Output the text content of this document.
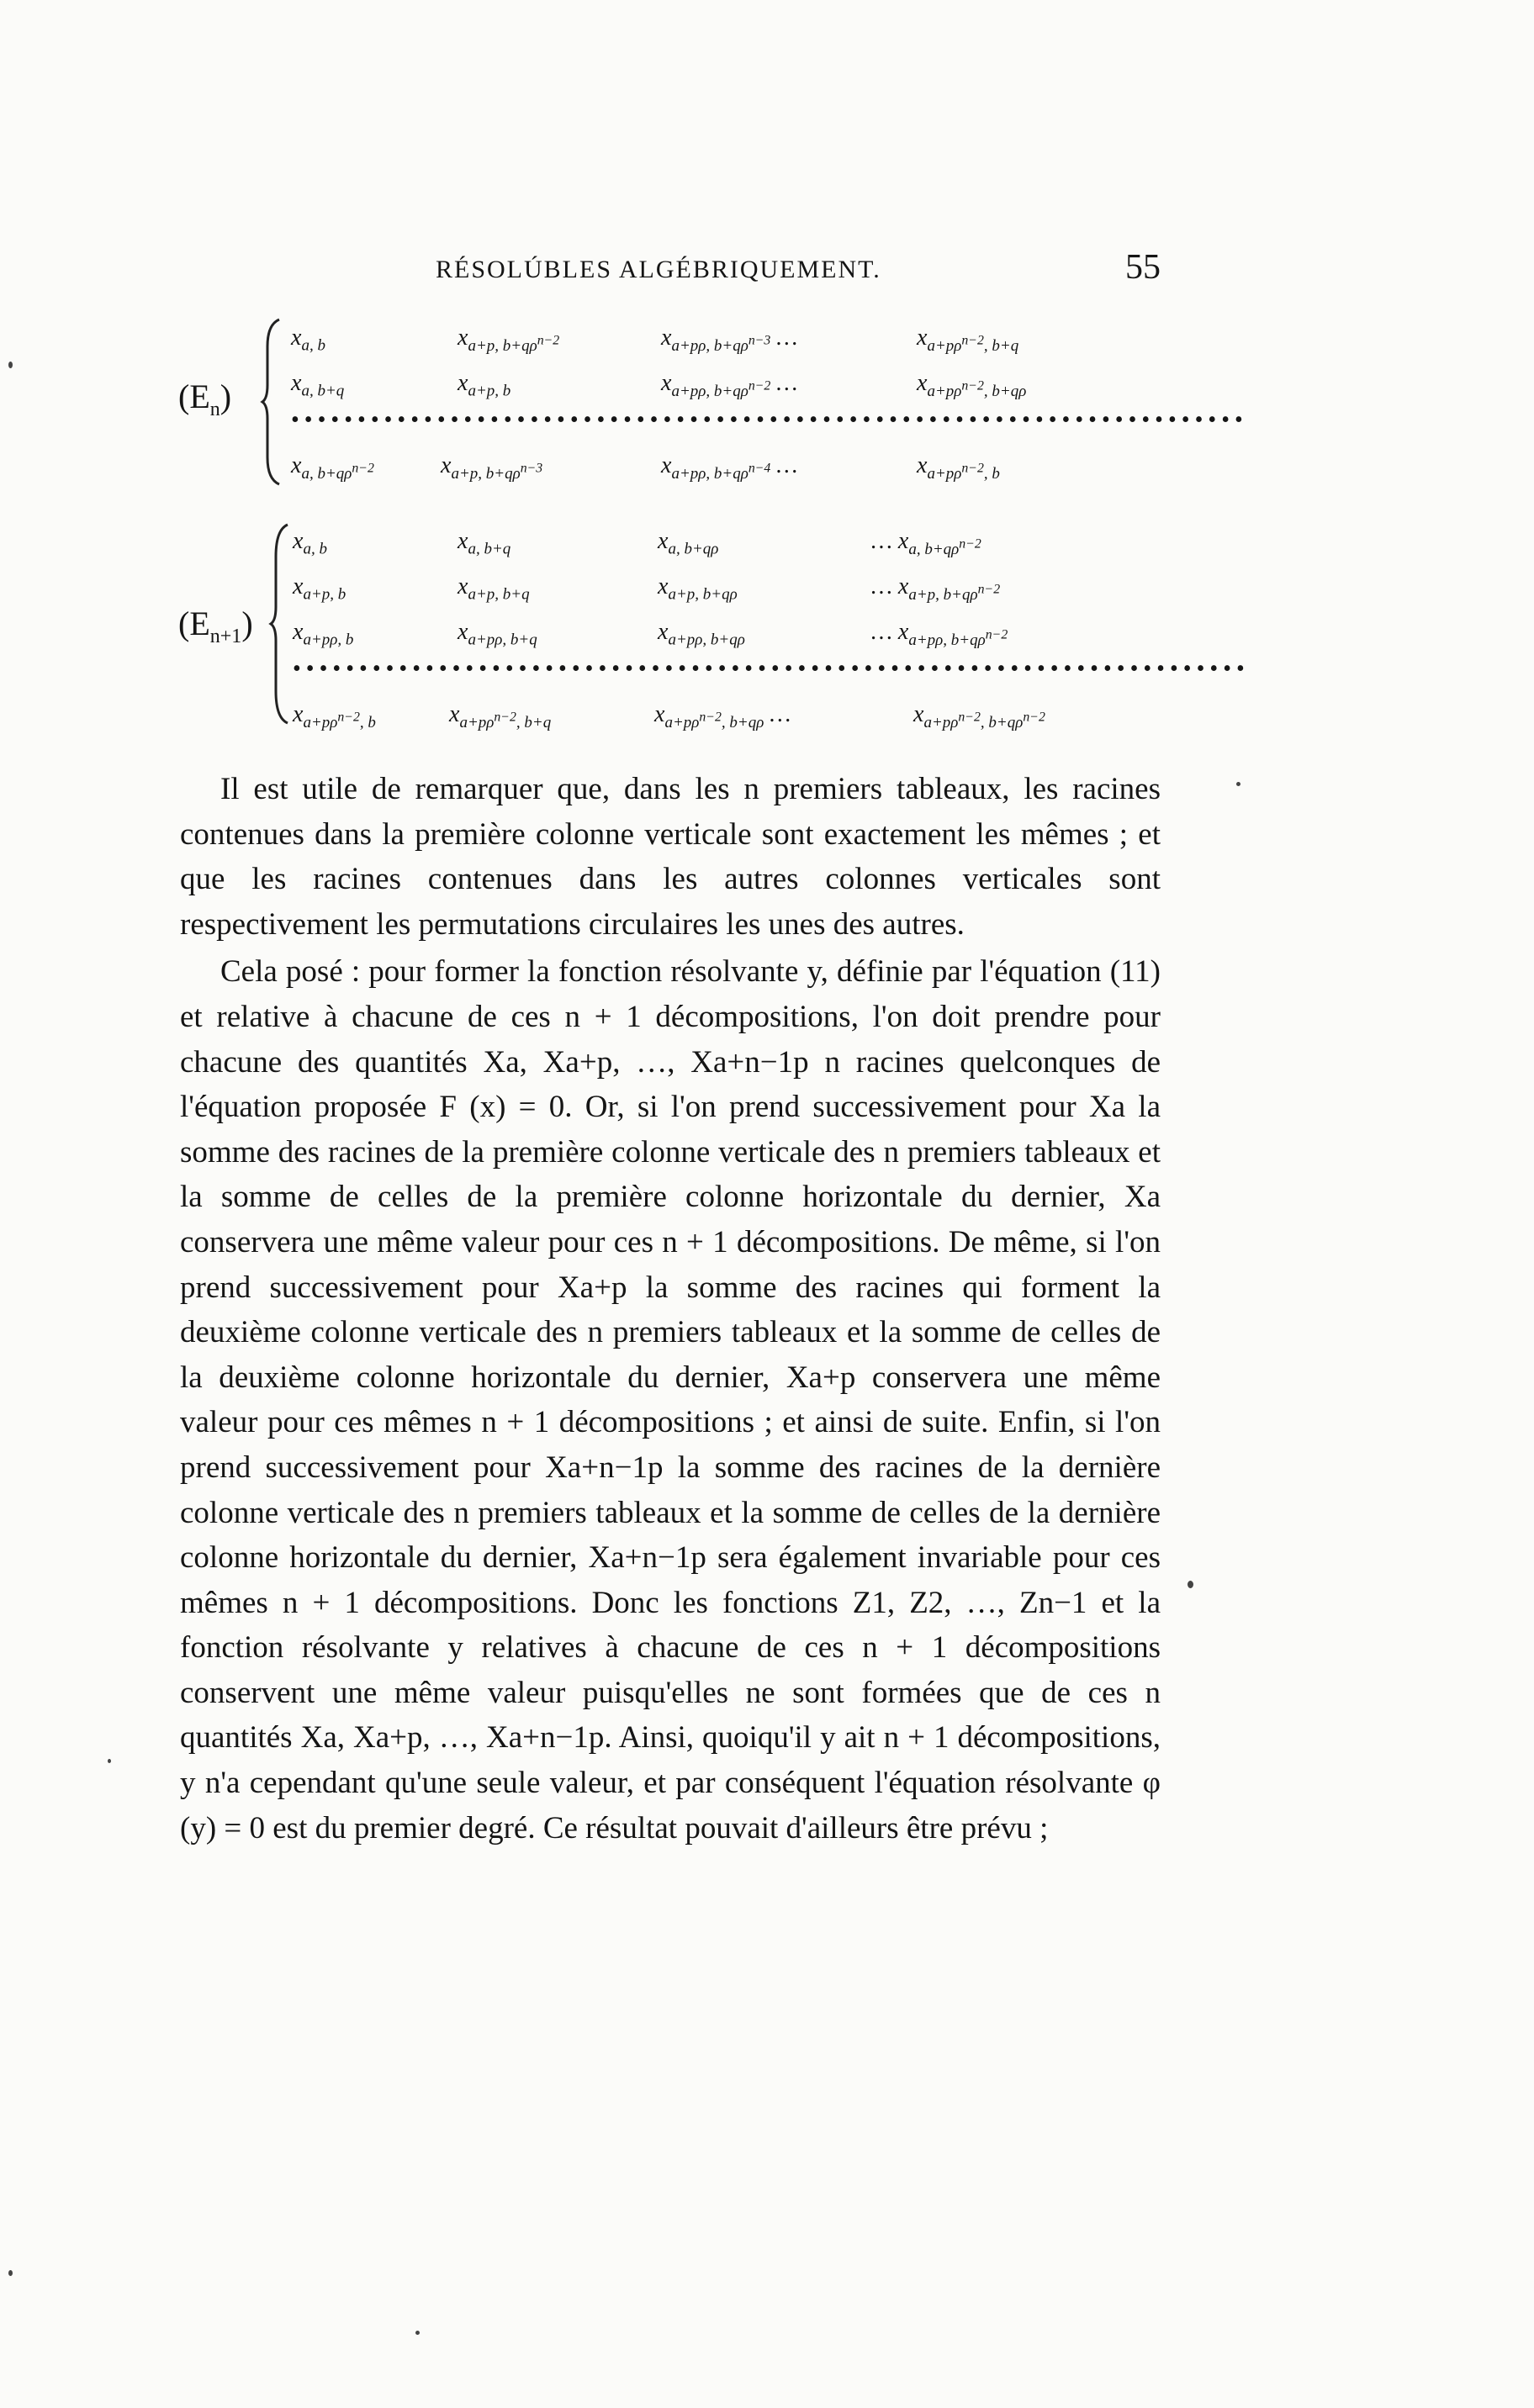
RÉSOLÚBLES ALGÉBRIQUEMENT.	55
$(E_n)$
$x_{a, b}$	$x_{a+p, b+q\rho^{n-2}}$	$x_{a+p\rho, b+q\rho^{n-3}}$ …	$x_{a+p\rho^{n-2}, b+q}$
$x_{a, b+q}$	$x_{a+p, b}$	$x_{a+p\rho, b+q\rho^{n-2}}$ …	$x_{a+p\rho^{n-2}, b+q\rho}$
••••••••••••••••••••••••••••••••••••••••••••••••••••••••••••••••••••••••
$x_{a, b+q\rho^{n-2}}$	$x_{a+p, b+q\rho^{n-3}}$	$x_{a+p\rho, b+q\rho^{n-4}}$ …	$x_{a+p\rho^{n-2}, b}$
$(E_{n+1})$
$x_{a, b}$	$x_{a, b+q}$	$x_{a, b+q\rho}$	… $x_{a, b+q\rho^{n-2}}$
$x_{a+p, b}$	$x_{a+p, b+q}$	$x_{a+p, b+q\rho}$	… $x_{a+p, b+q\rho^{n-2}}$
$x_{a+p\rho, b}$	$x_{a+p\rho, b+q}$	$x_{a+p\rho, b+q\rho}$	… $x_{a+p\rho, b+q\rho^{n-2}}$
••••••••••••••••••••••••••••••••••••••••••••••••••••••••••••••••••••••••
$x_{a+p\rho^{n-2}, b}$	$x_{a+p\rho^{n-2}, b+q}$	$x_{a+p\rho^{n-2}, b+q\rho}$ …	$x_{a+p\rho^{n-2}, b+q\rho^{n-2}}$

Il est utile de remarquer que, dans les n premiers tableaux, les racines contenues dans la première colonne verticale sont exactement les mêmes ; et que les racines contenues dans les autres colonnes verticales sont respectivement les permutations circulaires les unes des autres.

Cela posé : pour former la fonction résolvante y, définie par l'équation (11) et relative à chacune de ces n + 1 décompositions, l'on doit prendre pour chacune des quantités Xa, Xa+p, …, Xa+n−1p n racines quelconques de l'équation proposée F (x) = 0. Or, si l'on prend successivement pour Xa la somme des racines de la première colonne verticale des n premiers tableaux et la somme de celles de la première colonne horizontale du dernier, Xa conservera une même valeur pour ces n + 1 décompositions. De même, si l'on prend successivement pour Xa+p la somme des racines qui forment la deuxième colonne verticale des n premiers tableaux et la somme de celles de la deuxième colonne horizontale du dernier, Xa+p conservera une même valeur pour ces mêmes n + 1 décompositions ; et ainsi de suite. Enfin, si l'on prend successivement pour Xa+n−1p la somme des racines de la dernière colonne verticale des n premiers tableaux et la somme de celles de la dernière colonne horizontale du dernier, Xa+n−1p sera également invariable pour ces mêmes n + 1 décompositions. Donc les fonctions Z1, Z2, …, Zn−1 et la fonction résolvante y relatives à chacune de ces n + 1 décompositions conservent une même valeur puisqu'elles ne sont formées que de ces n quantités Xa, Xa+p, …, Xa+n−1p. Ainsi, quoiqu'il y ait n + 1 décompositions, y n'a cependant qu'une seule valeur, et par conséquent l'équation résolvante φ (y) = 0 est du premier degré. Ce résultat pouvait d'ailleurs être prévu ;
